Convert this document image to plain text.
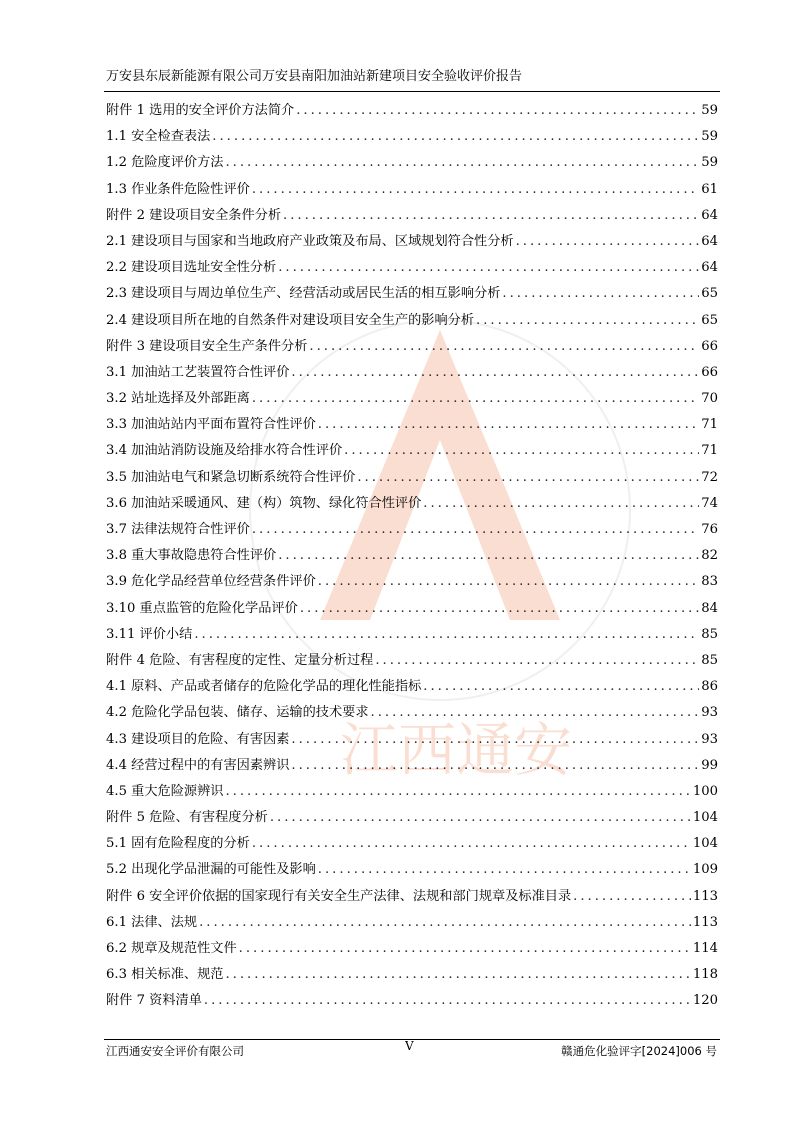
万安县东辰新能源有限公司万安县南阳加油站新建项目安全验收评价报告
江西通安
附件 1 选用的安全评价方法简介 .....	59
1.1 安全检查表法 .....	59
1.2 危险度评价方法 .....	59
1.3 作业条件危险性评价 .....	61
附件 2 建设项目安全条件分析 .....	64
2.1 建设项目与国家和当地政府产业政策及布局、区域规划符合性分析 .....	64
2.2 建设项目选址安全性分析 .....	64
2.3 建设项目与周边单位生产、经营活动或居民生活的相互影响分析 .....	65
2.4 建设项目所在地的自然条件对建设项目安全生产的影响分析 .....	65
附件 3 建设项目安全生产条件分析 .....	66
3.1 加油站工艺装置符合性评价 .....	66
3.2 站址选择及外部距离 .....	70
3.3 加油站站内平面布置符合性评价 .....	71
3.4 加油站消防设施及给排水符合性评价 .....	71
3.5 加油站电气和紧急切断系统符合性评价 .....	72
3.6 加油站采暖通风、建（构）筑物、绿化符合性评价 .....	74
3.7 法律法规符合性评价 .....	76
3.8 重大事故隐患符合性评价 .....	82
3.9 危化学品经营单位经营条件评价 .....	83
3.10 重点监管的危险化学品评价 .....	84
3.11 评价小结 .....	85
附件 4 危险、有害程度的定性、定量分析过程 .....	85
4.1 原料、产品或者储存的危险化学品的理化性能指标 .....	86
4.2 危险化学品包装、储存、运输的技术要求 .....	93
4.3 建设项目的危险、有害因素 .....	93
4.4 经营过程中的有害因素辨识 .....	99
4.5 重大危险源辨识 .....	100
附件 5 危险、有害程度分析 .....	104
5.1 固有危险程度的分析 .....	104
5.2 出现化学品泄漏的可能性及影响 .....	109
附件 6 安全评价依据的国家现行有关安全生产法律、法规和部门规章及标准目录 .....	113
6.1 法律、法规 .....	113
6.2 规章及规范性文件 .....	114
6.3 相关标准、规范 .....	118
附件 7 资料清单 .....	120
江西通安安全评价有限公司	V	赣通危化验评字[2024]006 号
